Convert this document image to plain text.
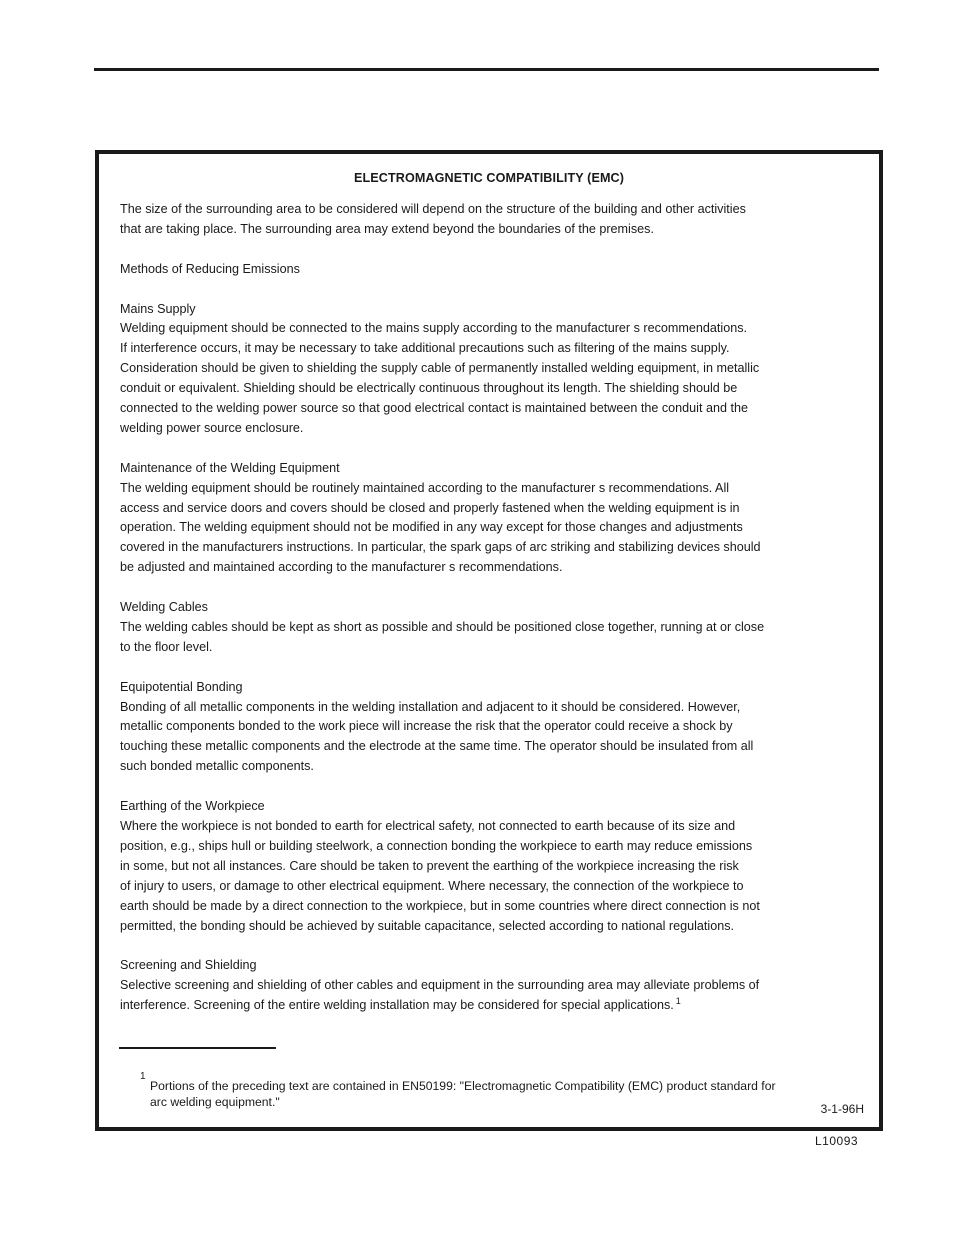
ELECTROMAGNETIC COMPATIBILITY (EMC)

The size of the surrounding area to be considered will depend on the structure of the building and other activities
that are taking place. The surrounding area may extend beyond the boundaries of the premises.

Methods of Reducing Emissions

Mains Supply

Welding equipment should be connected to the mains supply according to the manufacturer s recommendations.
If interference occurs, it may be necessary to take additional precautions such as filtering of the mains supply.
Consideration should be given to shielding the supply cable of permanently installed welding equipment, in metallic
conduit or equivalent. Shielding should be electrically continuous throughout its length. The shielding should be
connected to the welding power source so that good electrical contact is maintained between the conduit and the
welding power source enclosure.

Maintenance of the Welding Equipment

The welding equipment should be routinely maintained according to the manufacturer s recommendations. All
access and service doors and covers should be closed and properly fastened when the welding equipment is in
operation. The welding equipment should not be modified in any way except for those changes and adjustments
covered in the manufacturers instructions. In particular, the spark gaps of arc striking and stabilizing devices should
be adjusted and maintained according to the manufacturer s recommendations.

Welding Cables

The welding cables should be kept as short as possible and should be positioned close together, running at or close
to the floor level.

Equipotential Bonding

Bonding of all metallic components in the welding installation and adjacent to it should be considered. However,
metallic components bonded to the work piece will increase the risk that the operator could receive a shock by
touching these metallic components and the electrode at the same time. The operator should be insulated from all
such bonded metallic components.

Earthing of the Workpiece

Where the workpiece is not bonded to earth for electrical safety, not connected to earth because of its size and
position, e.g., ships hull or building steelwork, a connection bonding the workpiece to earth may reduce emissions
in some, but not all instances. Care should be taken to prevent the earthing of the workpiece increasing the risk
of injury to users, or damage to other electrical equipment. Where necessary, the connection of the workpiece to
earth should be made by a direct connection to the workpiece, but in some countries where direct connection is not
permitted, the bonding should be achieved by suitable capacitance, selected according to national regulations.

Screening and Shielding

Selective screening and shielding of other cables and equipment in the surrounding area may alleviate problems of
interference. Screening of the entire welding installation may be considered for special applications. $^1$

1
Portions of the preceding text are contained in EN50199: "Electromagnetic Compatibility (EMC) product standard for
arc welding equipment."	3-1-96H
L10093
